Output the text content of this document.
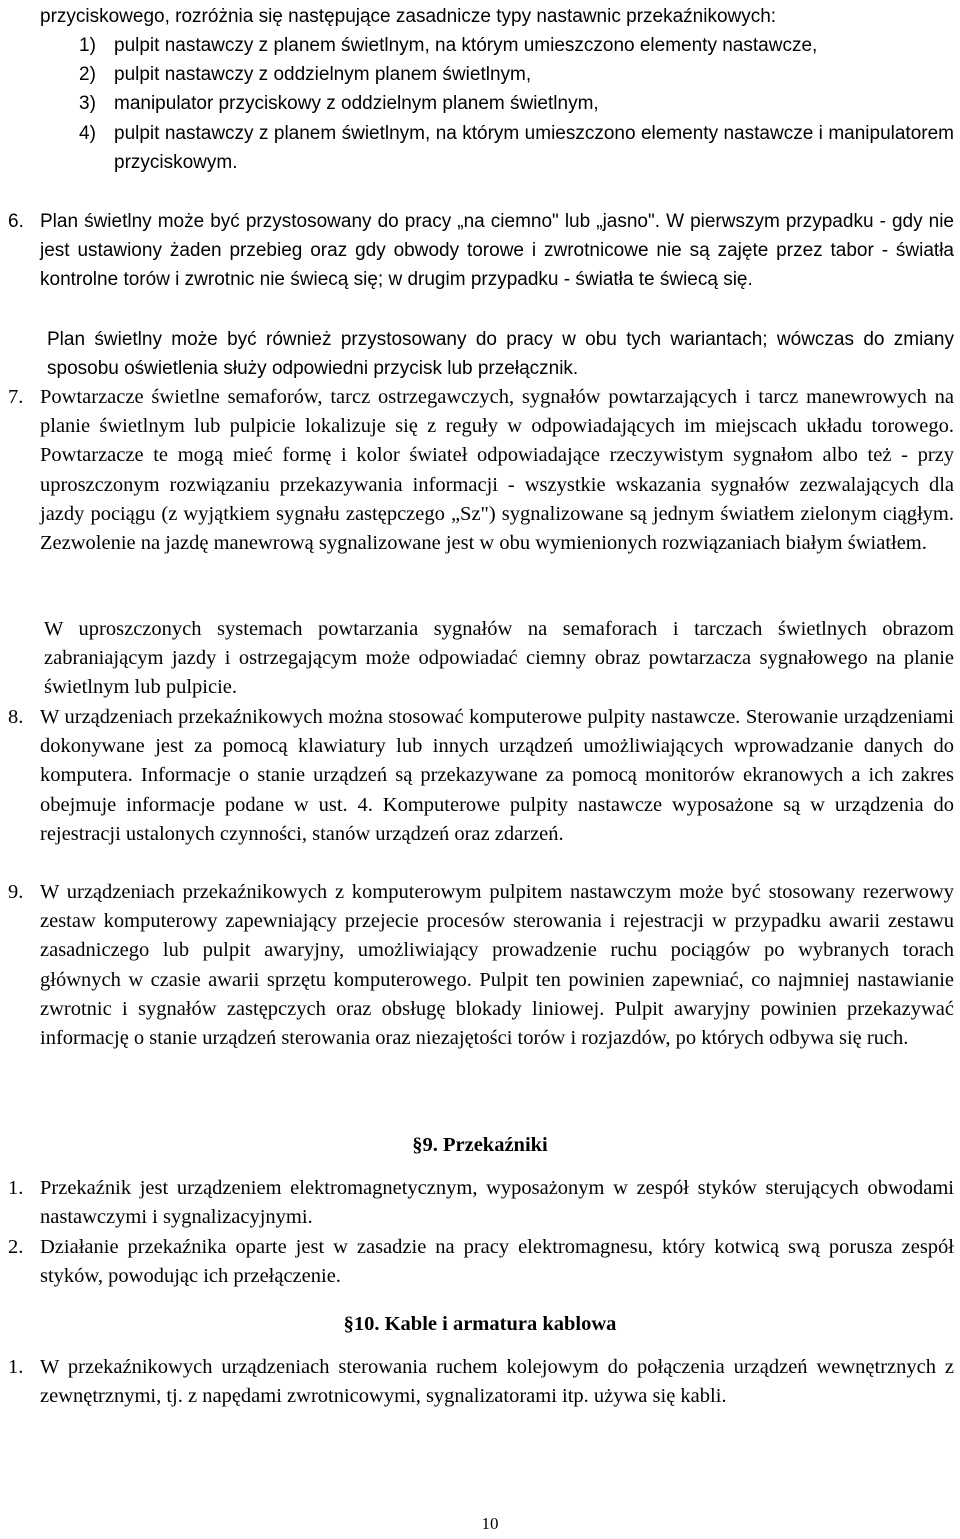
przyciskowego, rozróżnia się następujące zasadnicze typy nastawnic przekaźnikowych:

1) pulpit nastawczy z planem świetlnym, na którym umieszczono elementy nastawcze,
2) pulpit nastawczy z oddzielnym planem świetlnym,
3) manipulator przyciskowy z oddzielnym planem świetlnym,
4) pulpit nastawczy z planem świetlnym, na którym umieszczono elementy nastawcze i manipulatorem przyciskowym.
6. Plan świetlny może być przystosowany do pracy „na ciemno" lub „jasno". W pierwszym przypadku - gdy nie jest ustawiony żaden przebieg oraz gdy obwody torowe i zwrotnicowe nie są zajęte przez tabor - światła kontrolne torów i zwrotnic nie świecą się; w drugim przypadku - światła te świecą się.

Plan świetlny może być również przystosowany do pracy w obu tych wariantach; wówczas do zmiany sposobu oświetlenia służy odpowiedni przycisk lub przełącznik.

7. Powtarzacze świetlne semaforów, tarcz ostrzegawczych, sygnałów powtarzających i tarcz manewrowych na planie świetlnym lub pulpicie lokalizuje się z reguły w odpowiadających im miejscach układu torowego. Powtarzacze te mogą mieć formę i kolor świateł odpowiadające rzeczywistym sygnałom albo też - przy uproszczonym rozwiązaniu przekazywania informacji - wszystkie wskazania sygnałów zezwalających dla jazdy pociągu (z wyjątkiem sygnału zastępczego „Sz") sygnalizowane są jednym światłem zielonym ciągłym. Zezwolenie na jazdę manewrową sygnalizowane jest w obu wymienionych rozwiązaniach białym światłem.

W uproszczonych systemach powtarzania sygnałów na semaforach i tarczach świetlnych obrazom zabraniającym jazdy i ostrzegającym może odpowiadać ciemny obraz powtarzacza sygnałowego na planie świetlnym lub pulpicie.

8. W urządzeniach przekaźnikowych można stosować komputerowe pulpity nastawcze. Sterowanie urządzeniami dokonywane jest za pomocą klawiatury lub innych urządzeń umożliwiających wprowadzanie danych do komputera. Informacje o stanie urządzeń są przekazywane za pomocą monitorów ekranowych a ich zakres obejmuje informacje podane w ust. 4. Komputerowe pulpity nastawcze wyposażone są w urządzenia do rejestracji ustalonych czynności, stanów urządzeń oraz zdarzeń.

9. W urządzeniach przekaźnikowych z komputerowym pulpitem nastawczym może być stosowany rezerwowy zestaw komputerowy zapewniający przejecie procesów sterowania i rejestracji w przypadku awarii zestawu zasadniczego lub pulpit awaryjny, umożliwiający prowadzenie ruchu pociągów po wybranych torach głównych w czasie awarii sprzętu komputerowego. Pulpit ten powinien zapewniać, co najmniej nastawianie zwrotnic i sygnałów zastępczych oraz obsługę blokady liniowej. Pulpit awaryjny powinien przekazywać informację o stanie urządzeń sterowania oraz niezajętości torów i rozjazdów, po których odbywa się ruch.

§9. Przekaźniki
1. Przekaźnik jest urządzeniem elektromagnetycznym, wyposażonym w zespół styków sterujących obwodami nastawczymi i sygnalizacyjnymi.

2. Działanie przekaźnika oparte jest w zasadzie na pracy elektromagnesu, który kotwicą swą porusza zespół styków, powodując ich przełączenie.

§10. Kable i armatura kablowa
1. W przekaźnikowych urządzeniach sterowania ruchem kolejowym do połączenia urządzeń wewnętrznych z zewnętrznymi, tj. z napędami zwrotnicowymi, sygnalizatorami itp. używa się kabli.

10
